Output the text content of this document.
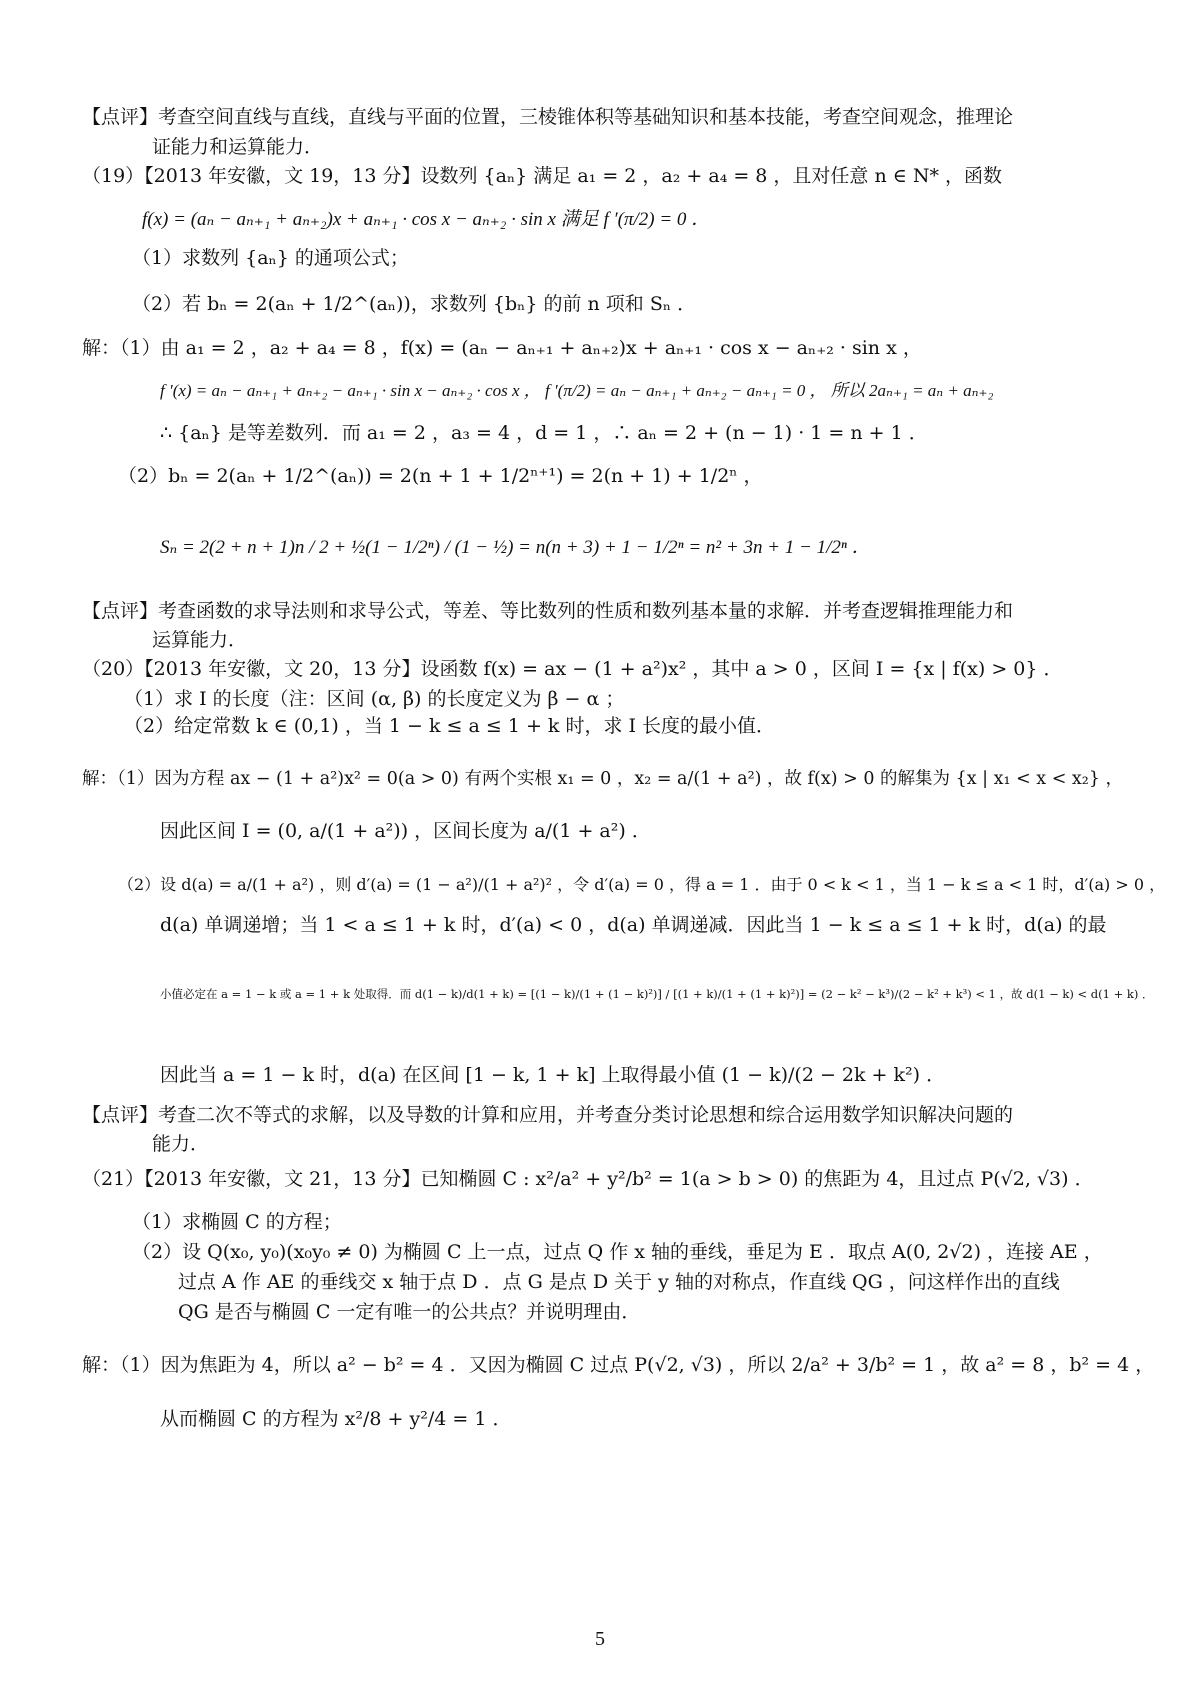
【点评】考查空间直线与直线，直线与平面的位置，三棱锥体积等基础知识和基本技能，考查空间观念，推理论
证能力和运算能力．
（19）【2013 年安徽，文 19，13 分】设数列 {aₙ} 满足 a₁ = 2 ，a₂ + a₄ = 8 ，且对任意 n ∈ N* ，函数
f(x) = (aₙ − aₙ₊₁ + aₙ₊₂)x + aₙ₊₁ · cos x − aₙ₊₂ · sin x 满足 f ′(π/2) = 0 ．
（1）求数列 {aₙ} 的通项公式；
（2）若 bₙ = 2(aₙ + 1/2^(aₙ))，求数列 {bₙ} 的前 n 项和 Sₙ ．
解：（1）由 a₁ = 2 ，a₂ + a₄ = 8 ，f(x) = (aₙ − aₙ₊₁ + aₙ₊₂)x + aₙ₊₁ · cos x − aₙ₊₂ · sin x ，
f ′(x) = aₙ − aₙ₊₁ + aₙ₊₂ − aₙ₊₁ · sin x − aₙ₊₂ · cos x ， f ′(π/2) = aₙ − aₙ₊₁ + aₙ₊₂ − aₙ₊₁ = 0 ， 所以 2aₙ₊₁ = aₙ + aₙ₊₂
∴ {aₙ} 是等差数列．而 a₁ = 2 ，a₃ = 4 ，d = 1 ，∴ aₙ = 2 + (n − 1) · 1 = n + 1 ．
（2）bₙ = 2(aₙ + 1/2^(aₙ)) = 2(n + 1 + 1/2ⁿ⁺¹) = 2(n + 1) + 1/2ⁿ ，
Sₙ = 2(2 + n + 1)n / 2 + ½(1 − 1/2ⁿ) / (1 − ½) = n(n + 3) + 1 − 1/2ⁿ = n² + 3n + 1 − 1/2ⁿ ．
【点评】考查函数的求导法则和求导公式，等差、等比数列的性质和数列基本量的求解．并考查逻辑推理能力和
运算能力．
（20）【2013 年安徽，文 20，13 分】设函数 f(x) = ax − (1 + a²)x² ，其中 a > 0 ，区间 I = {x | f(x) > 0} ．
（1）求 I 的长度（注：区间 (α, β) 的长度定义为 β − α ；
（2）给定常数 k ∈ (0,1) ，当 1 − k ≤ a ≤ 1 + k 时，求 I 长度的最小值．
解：（1）因为方程 ax − (1 + a²)x² = 0(a > 0) 有两个实根 x₁ = 0 ，x₂ = a/(1 + a²) ，故 f(x) > 0 的解集为 {x | x₁ < x < x₂} ，
因此区间 I = (0, a/(1 + a²)) ，区间长度为 a/(1 + a²) ．
（2）设 d(a) = a/(1 + a²) ，则 d′(a) = (1 − a²)/(1 + a²)² ，令 d′(a) = 0 ，得 a = 1 ．由于 0 < k < 1 ，当 1 − k ≤ a < 1 时，d′(a) > 0 ，
d(a) 单调递增；当 1 < a ≤ 1 + k 时，d′(a) < 0 ，d(a) 单调递减．因此当 1 − k ≤ a ≤ 1 + k 时，d(a) 的最
小值必定在 a = 1 − k 或 a = 1 + k 处取得．而 d(1 − k)/d(1 + k) = [(1 − k)/(1 + (1 − k)²)] / [(1 + k)/(1 + (1 + k)²)] = (2 − k² − k³)/(2 − k² + k³) < 1 ，故 d(1 − k) < d(1 + k) ．
因此当 a = 1 − k 时，d(a) 在区间 [1 − k, 1 + k] 上取得最小值 (1 − k)/(2 − 2k + k²) ．
【点评】考查二次不等式的求解，以及导数的计算和应用，并考查分类讨论思想和综合运用数学知识解决问题的
能力．
（21）【2013 年安徽，文 21，13 分】已知椭圆 C : x²/a² + y²/b² = 1(a > b > 0) 的焦距为 4，且过点 P(√2, √3) ．
（1）求椭圆 C 的方程；
（2）设 Q(x₀, y₀)(x₀y₀ ≠ 0) 为椭圆 C 上一点，过点 Q 作 x 轴的垂线，垂足为 E ．取点 A(0, 2√2) ，连接 AE ，
过点 A 作 AE 的垂线交 x 轴于点 D ．点 G 是点 D 关于 y 轴的对称点，作直线 QG ，问这样作出的直线
QG 是否与椭圆 C 一定有唯一的公共点？并说明理由．
解：（1）因为焦距为 4，所以 a² − b² = 4 ．又因为椭圆 C 过点 P(√2, √3) ，所以 2/a² + 3/b² = 1 ，故 a² = 8 ，b² = 4 ，
从而椭圆 C 的方程为 x²/8 + y²/4 = 1 ．
5
